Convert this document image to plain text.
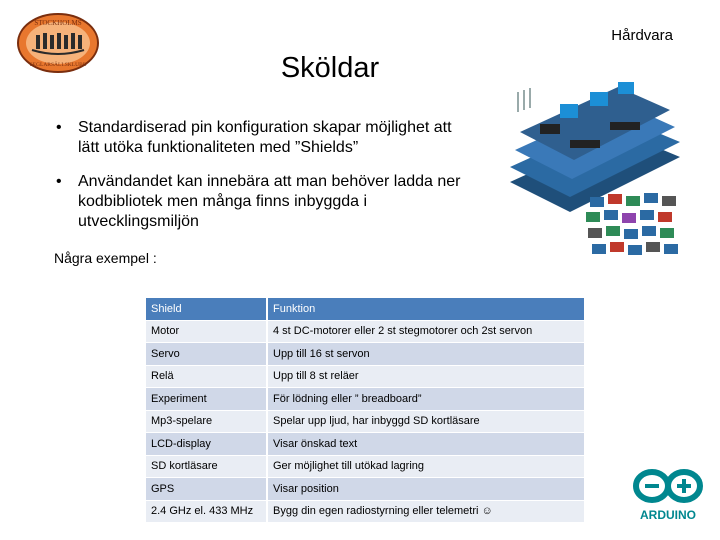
STOCKHOLMS
SEGLARSÄLLSKLUBB
Hårdvara
Sköldar
• Standardiserad pin konfiguration skapar möjlighet att lätt utöka funktionaliteten med ”Shields”
• Användandet kan innebära att man behöver ladda ner kodbibliotek men många finns inbyggda i utvecklingsmiljön
Några exempel :
Shield	Funktion
Motor	4 st DC-motorer eller 2 st stegmotorer och 2st servon
Servo	Upp till 16 st servon
Relä	Upp till 8 st reläer
Experiment	För lödning eller ” breadboard”
Mp3-spelare	Spelar upp ljud, har inbyggd SD kortläsare
LCD-display	Visar önskad text
SD kortläsare	Ger möjlighet till utökad lagring
GPS	Visar position
2.4 GHz el. 433 MHz	Bygg din egen radiostyrning eller telemetri ☺	ARDUINO
